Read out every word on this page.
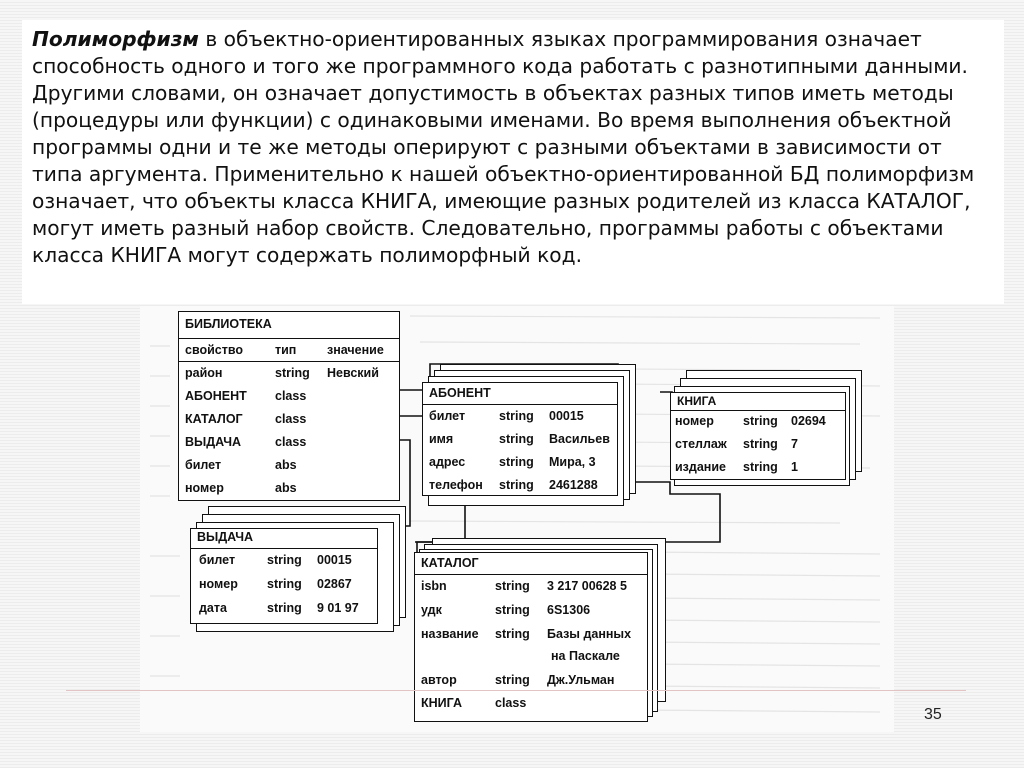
Полиморфизм в объектно-ориентированных языках программирования означает способность одного и того же программного кода работать с разнотипными данными. Другими словами, он означает допустимость в объектах разных типов иметь методы (процедуры или функции) с одинаковыми именами. Во время выполнения объектной программы одни и те же методы оперируют с разными объектами в зависимости от типа аргумента. Применительно к нашей объектно-ориентированной БД полиморфизм означает, что объекты класса КНИГА, имеющие разных родителей из класса КАТАЛОГ, могут иметь разный набор свойств. Следовательно, программы работы с объектами класса КНИГА могут содержать полиморфный код.

БИБЛИОТЕКА
свойство	тип значение
район	string Невский
АБОНЕНТ class
КАТАЛОГ	class
ВЫДАЧА	class
билет	abs
номер	abs
АБОНЕНТ
билет	string 00015
имя	string Васильев
адрес	string Мира, 3
телефон string 2461288
КНИГА
номер string 02694
стеллаж string 7
издание string 1
ВЫДАЧА
билет	string 00015
номер string 02867
дата	string 9 01 97
КАТАЛОГ
isbn	string 3 217 00628 5
удк	string 6S1306
название string Базы данных
на Паскале
автор	string Дж.Ульман
КНИГА	class
35
